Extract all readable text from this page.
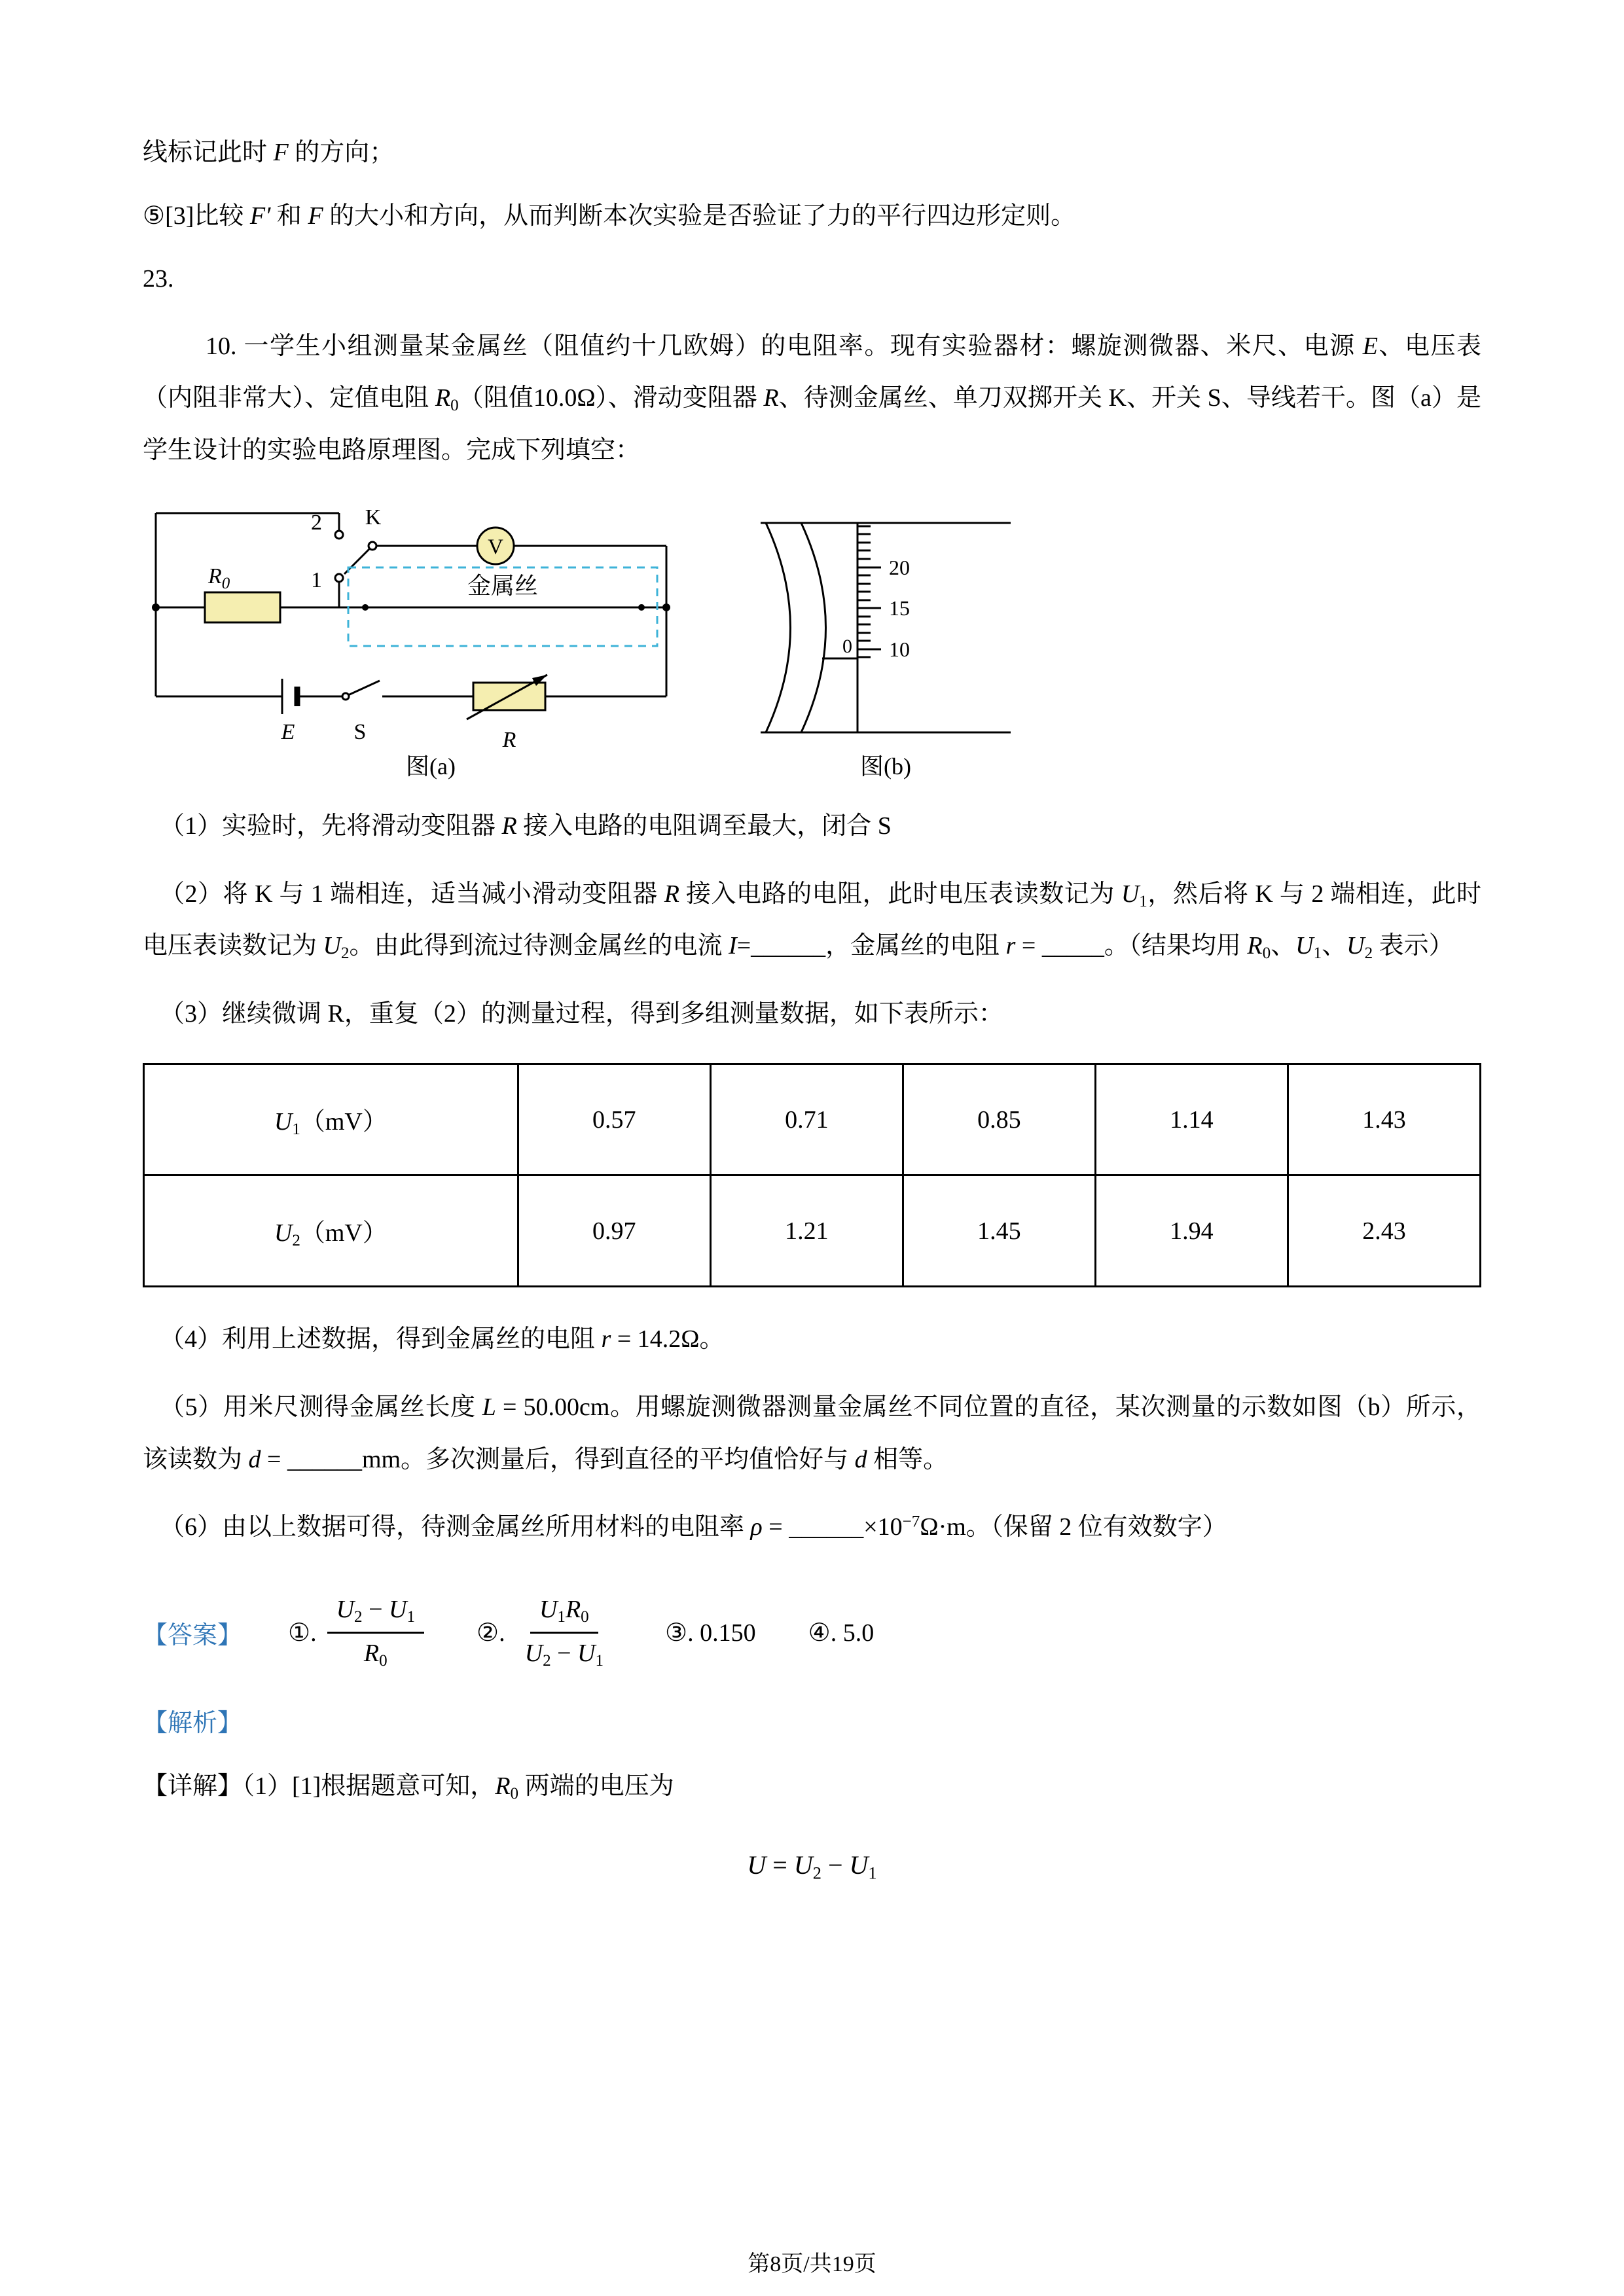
线标记此时 F 的方向；

⑤[3]比较 F′ 和 F 的大小和方向，从而判断本次实验是否验证了力的平行四边形定则。

23.

10. 一学生小组测量某金属丝（阻值约十几欧姆）的电阻率。现有实验器材：螺旋测微器、米尺、电源 E、电压表（内阻非常大）、定值电阻 R0（阻值10.0Ω）、滑动变阻器 R、待测金属丝、单刀双掷开关 K、开关 S、导线若干。图（a）是学生设计的实验电路原理图。完成下列填空：

V
2
1
K
$R_0$	金属丝
E	S	R
图(a)
20
15
10
0
图(b)

（1）实验时，先将滑动变阻器 R 接入电路的电阻调至最大，闭合 S

（2）将 K 与 1 端相连，适当减小滑动变阻器 R 接入电路的电阻，此时电压表读数记为 U1，然后将 K 与 2 端相连，此时电压表读数记为 U2。由此得到流过待测金属丝的电流 I=______，金属丝的电阻 r = _____。（结果均用 R0、U1、U2 表示）

（3）继续微调 R，重复（2）的测量过程，得到多组测量数据，如下表所示：

U1（mV）	0.57	0.71	0.85	1.14	1.43
U2（mV）	0.97	1.21	1.45	1.94	2.43

（4）利用上述数据，得到金属丝的电阻 r = 14.2Ω。

（5）用米尺测得金属丝长度 L = 50.00cm。用螺旋测微器测量金属丝不同位置的直径，某次测量的示数如图（b）所示，该读数为 d = ______mm。多次测量后，得到直径的平均值恰好与 d 相等。

（6）由以上数据可得，待测金属丝所用材料的电阻率 $\rho = \_\_\_\_\_\_\times 10^{-7}\Omega\cdot m$。（保留 2 位有效数字）

【答案】 ①. $\frac{U2 - U1}{R0}$ ②. $\frac{U1R0}{U2 - U1}$ ③. 0.150 ④. 5.0

【解析】

【详解】（1）[1]根据题意可知，R0 两端的电压为

U = U2 − U1

第8页/共19页
